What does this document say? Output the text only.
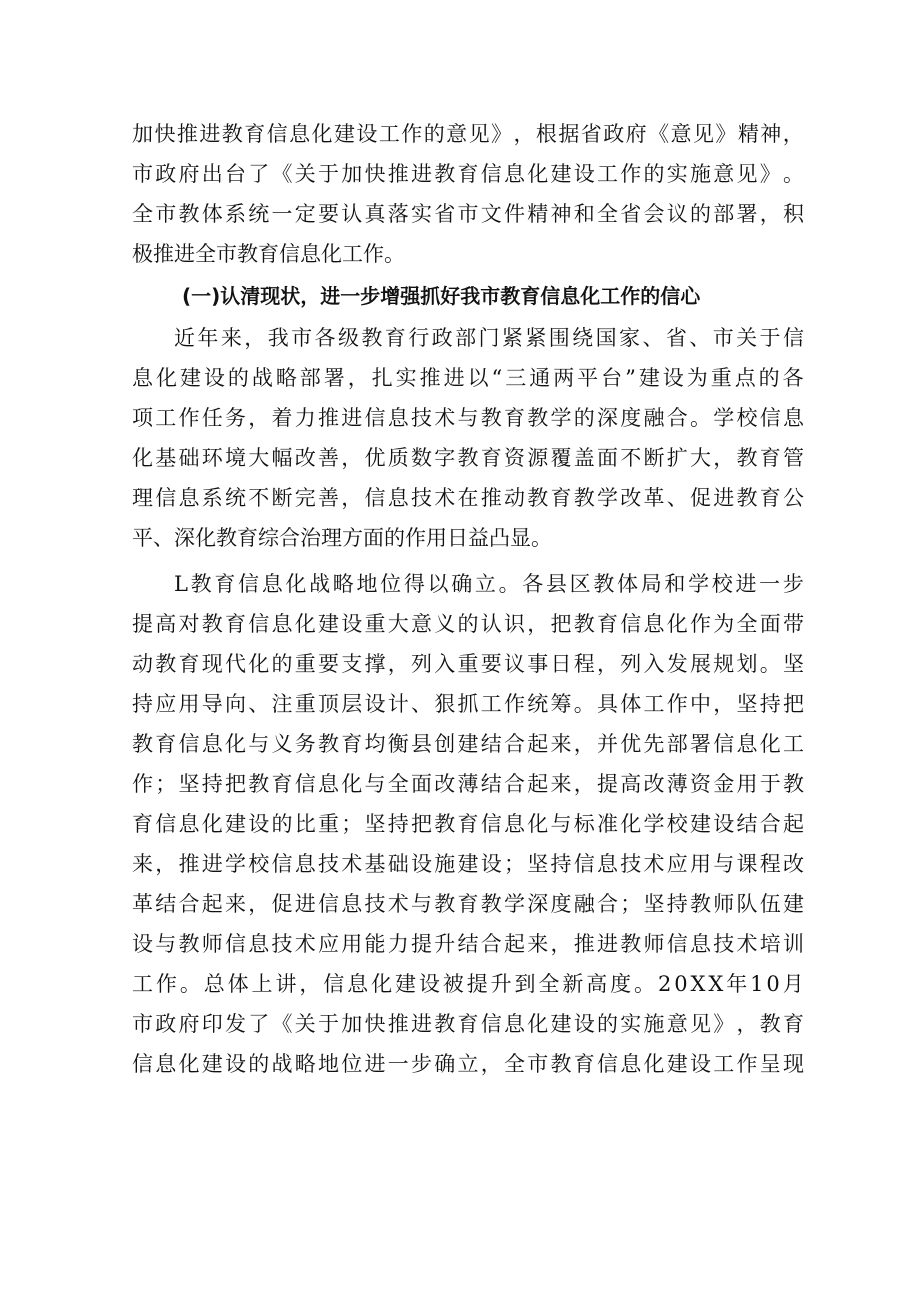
加 快 推 进 教 育 信 息 化 建 设 工 作 的 意 见 》 ， 根 据 省 政 府 《 意 见 》 精 神 ，
市 政 府 出 台 了 《 关 于 加 快 推 进 教 育 信 息 化 建 设 工 作 的 实 施 意 见 》 。
全 市 教 体 系 统 一 定 要 认 真 落 实 省 市 文 件 精 神 和 全 省 会 议 的 部 署 ， 积
极推进全市教育信息化工作。
(一)认清现状，进一步增强抓好我市教育信息化工作的信心
近 年 来 ， 我 市 各 级 教 育 行 政 部 门 紧 紧 围 绕 国 家 、 省 、 市 关 于 信
息 化 建 设 的 战 略 部 署 ， 扎 实 推 进 以 “ 三 通 两 平 台 ” 建 设 为 重 点 的 各
项 工 作 任 务 ， 着 力 推 进 信 息 技 术 与 教 育 教 学 的 深 度 融 合 。 学 校 信 息
化 基 础 环 境 大 幅 改 善 ， 优 质 数 字 教 育 资 源 覆 盖 面 不 断 扩 大 ， 教 育 管
理 信 息 系 统 不 断 完 善 ， 信 息 技 术 在 推 动 教 育 教 学 改 革 、 促 进 教 育 公
平、深化教育综合治理方面的作用日益凸显。
L 教 育 信 息 化 战 略 地 位 得 以 确 立 。 各 县 区 教 体 局 和 学 校 进 一 步
提 高 对 教 育 信 息 化 建 设 重 大 意 义 的 认 识 ， 把 教 育 信 息 化 作 为 全 面 带
动 教 育 现 代 化 的 重 要 支 撑 ， 列 入 重 要 议 事 日 程 ， 列 入 发 展 规 划 。 坚
持 应 用 导 向 、 注 重 顶 层 设 计 、 狠 抓 工 作 统 筹 。 具 体 工 作 中 ， 坚 持 把
教 育 信 息 化 与 义 务 教 育 均 衡 县 创 建 结 合 起 来 ， 并 优 先 部 署 信 息 化 工
作 ； 坚 持 把 教 育 信 息 化 与 全 面 改 薄 结 合 起 来 ， 提 高 改 薄 资 金 用 于 教
育 信 息 化 建 设 的 比 重 ； 坚 持 把 教 育 信 息 化 与 标 准 化 学 校 建 设 结 合 起
来 ， 推 进 学 校 信 息 技 术 基 础 设 施 建 设 ； 坚 持 信 息 技 术 应 用 与 课 程 改
革 结 合 起 来 ， 促 进 信 息 技 术 与 教 育 教 学 深 度 融 合 ； 坚 持 教 师 队 伍 建
设 与 教 师 信 息 技 术 应 用 能 力 提 升 结 合 起 来 ， 推 进 教 师 信 息 技 术 培 训
工 作 。 总 体 上 讲 ， 信 息 化 建 设 被 提 升 到 全 新 高 度 。 2 0 X X 年 1 0 月
市 政 府 印 发 了 《 关 于 加 快 推 进 教 育 信 息 化 建 设 的 实 施 意 见 》 ， 教 育
信 息 化 建 设 的 战 略 地 位 进 一 步 确 立 ， 全 市 教 育 信 息 化 建 设 工 作 呈 现
